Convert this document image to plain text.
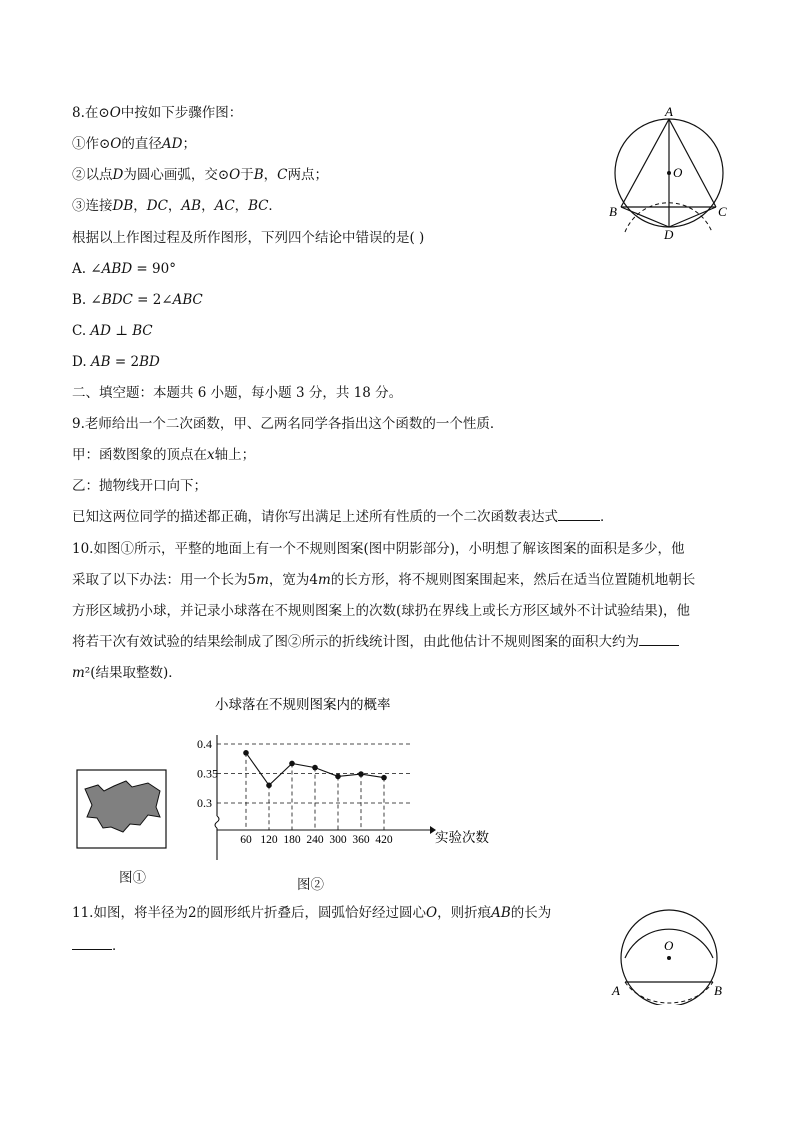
8.在⊙𝑂中按如下步骤作图：
①作⊙𝑂的直径𝐴𝐷；
②以点𝐷为圆心画弧，交⊙𝑂于𝐵，𝐶两点；
③连接𝐷𝐵，𝐷𝐶，𝐴𝐵，𝐴𝐶，𝐵𝐶．
根据以上作图过程及所作图形，下列四个结论中错误的是( )
A. ∠𝐴𝐵𝐷 = 90°
B. ∠𝐵𝐷𝐶 = 2∠𝐴𝐵𝐶
C. 𝐴𝐷 ⊥ 𝐵𝐶
D. 𝐴𝐵 = 2𝐵𝐷
A
O
B	C
D
二、填空题：本题共 6 小题，每小题 3 分，共 18 分。
9.老师给出一个二次函数，甲、乙两名同学各指出这个函数的一个性质．
甲：函数图象的顶点在𝑥轴上；
乙：抛物线开口向下；
已知这两位同学的描述都正确，请你写出满足上述所有性质的一个二次函数表达式	．
10.如图①所示，平整的地面上有一个不规则图案(图中阴影部分)，小明想了解该图案的面积是多少，他
采取了以下办法：用一个长为5𝑚，宽为4𝑚的长方形，将不规则图案围起来，然后在适当位置随机地朝长
方形区域扔小球，并记录小球落在不规则图案上的次数(球扔在界线上或长方形区域外不计试验结果)，他
将若干次有效试验的结果绘制成了图②所示的折线统计图，由此他估计不规则图案的面积大约为
𝑚²(结果取整数)．
图①
小球落在不规则图案内的概率
0.3
0.35
0.4
60 120 180 240 300 360 420	实验次数
图②
11.如图，将半径为2的圆形纸片折叠后，圆弧恰好经过圆心𝑂，则折痕𝐴𝐵的长为
．	O
A	B
